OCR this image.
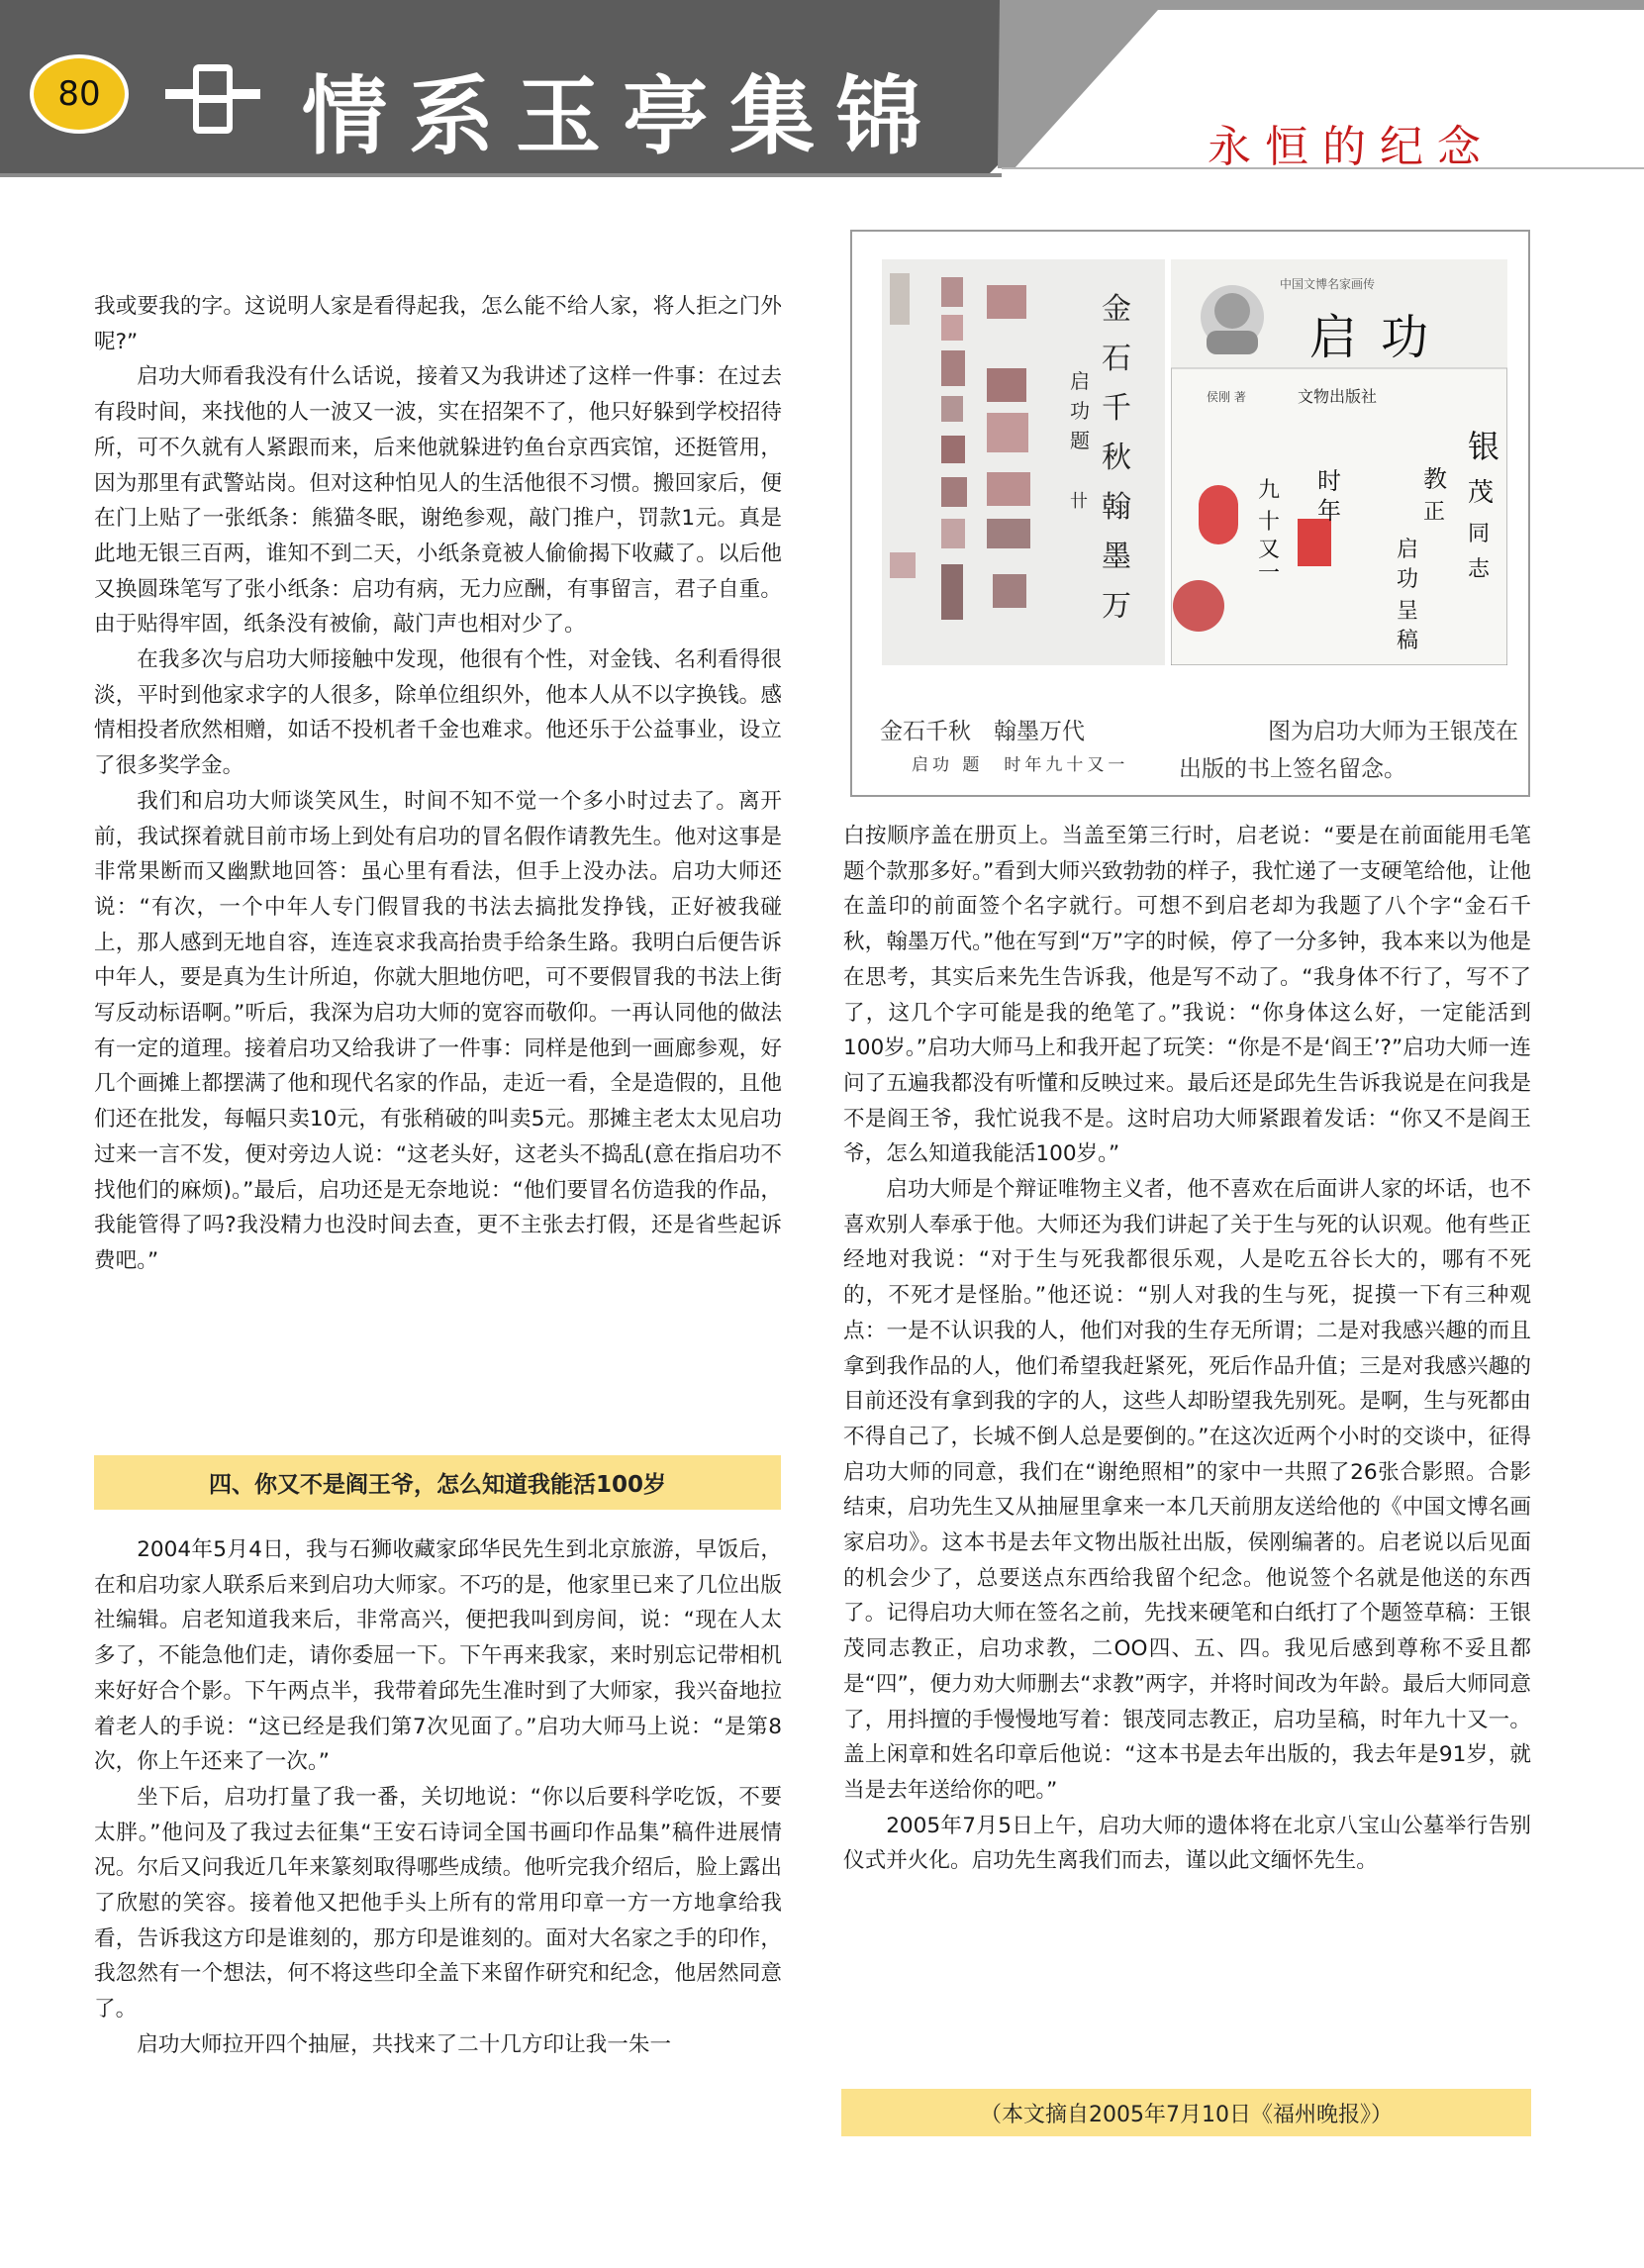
80 情系玉亭集锦	永恒的纪念
金
石
千
秋
翰
墨
万
启
功
题
卄
中国文博名家画传
启功
侯刚 著	文物出版社
银
茂
同
志
教
正
启
功
呈
稿
时
年
九
十
又
一
金石千秋　翰墨万代
启功 题　时年九十又一
图为启功大师为王银茂在
出版的书上签名留念。

我或要我的字。这说明人家是看得起我，怎么能不给人家，将人拒之门外呢?”

启功大师看我没有什么话说，接着又为我讲述了这样一件事：在过去有段时间，来找他的人一波又一波，实在招架不了，他只好躲到学校招待所，可不久就有人紧跟而来，后来他就躲进钓鱼台京西宾馆，还挺管用，因为那里有武警站岗。但对这种怕见人的生活他很不习惯。搬回家后，便在门上贴了一张纸条：熊猫冬眠，谢绝参观，敲门推户，罚款1元。真是此地无银三百两，谁知不到二天，小纸条竟被人偷偷揭下收藏了。以后他又换圆珠笔写了张小纸条：启功有病，无力应酬，有事留言，君子自重。由于贴得牢固，纸条没有被偷，敲门声也相对少了。

在我多次与启功大师接触中发现，他很有个性，对金钱、名利看得很淡，平时到他家求字的人很多，除单位组织外，他本人从不以字换钱。感情相投者欣然相赠，如话不投机者千金也难求。他还乐于公益事业，设立了很多奖学金。

我们和启功大师谈笑风生，时间不知不觉一个多小时过去了。离开前，我试探着就目前市场上到处有启功的冒名假作请教先生。他对这事是非常果断而又幽默地回答：虽心里有看法，但手上没办法。启功大师还说：“有次，一个中年人专门假冒我的书法去搞批发挣钱，正好被我碰上，那人感到无地自容，连连哀求我高抬贵手给条生路。我明白后便告诉中年人，要是真为生计所迫，你就大胆地仿吧，可不要假冒我的书法上街写反动标语啊。”听后，我深为启功大师的宽容而敬仰。一再认同他的做法有一定的道理。接着启功又给我讲了一件事：同样是他到一画廊参观，好几个画摊上都摆满了他和现代名家的作品，走近一看，全是造假的，且他们还在批发，每幅只卖10元，有张稍破的叫卖5元。那摊主老太太见启功过来一言不发，便对旁边人说：“这老头好，这老头不捣乱(意在指启功不找他们的麻烦)。”最后，启功还是无奈地说：“他们要冒名仿造我的作品，我能管得了吗?我没精力也没时间去查，更不主张去打假，还是省些起诉费吧。”

四、你又不是阎王爷，怎么知道我能活100岁

2004年5月4日，我与石狮收藏家邱华民先生到北京旅游，早饭后，在和启功家人联系后来到启功大师家。不巧的是，他家里已来了几位出版社编辑。启老知道我来后，非常高兴，便把我叫到房间，说：“现在人太多了，不能急他们走，请你委屈一下。下午再来我家，来时别忘记带相机来好好合个影。下午两点半，我带着邱先生准时到了大师家，我兴奋地拉着老人的手说：“这已经是我们第7次见面了。”启功大师马上说：“是第8次，你上午还来了一次。”

坐下后，启功打量了我一番，关切地说：“你以后要科学吃饭，不要太胖。”他问及了我过去征集“王安石诗词全国书画印作品集”稿件进展情况。尔后又问我近几年来篆刻取得哪些成绩。他听完我介绍后，脸上露出了欣慰的笑容。接着他又把他手头上所有的常用印章一方一方地拿给我看，告诉我这方印是谁刻的，那方印是谁刻的。面对大名家之手的印作，我忽然有一个想法，何不将这些印全盖下来留作研究和纪念，他居然同意了。

启功大师拉开四个抽屉，共找来了二十几方印让我一朱一

白按顺序盖在册页上。当盖至第三行时，启老说：“要是在前面能用毛笔题个款那多好。”看到大师兴致勃勃的样子，我忙递了一支硬笔给他，让他在盖印的前面签个名字就行。可想不到启老却为我题了八个字“金石千秋，翰墨万代。”他在写到“万”字的时候，停了一分多钟，我本来以为他是在思考，其实后来先生告诉我，他是写不动了。“我身体不行了，写不了了，这几个字可能是我的绝笔了。”我说：“你身体这么好，一定能活到100岁。”启功大师马上和我开起了玩笑：“你是不是‘阎王’?”启功大师一连问了五遍我都没有听懂和反映过来。最后还是邱先生告诉我说是在问我是不是阎王爷，我忙说我不是。这时启功大师紧跟着发话：“你又不是阎王爷，怎么知道我能活100岁。”

启功大师是个辩证唯物主义者，他不喜欢在后面讲人家的坏话，也不喜欢别人奉承于他。大师还为我们讲起了关于生与死的认识观。他有些正经地对我说：“对于生与死我都很乐观，人是吃五谷长大的，哪有不死的，不死才是怪胎。”他还说：“别人对我的生与死，捉摸一下有三种观点：一是不认识我的人，他们对我的生存无所谓；二是对我感兴趣的而且拿到我作品的人，他们希望我赶紧死，死后作品升值；三是对我感兴趣的目前还没有拿到我的字的人，这些人却盼望我先别死。是啊，生与死都由不得自己了，长城不倒人总是要倒的。”在这次近两个小时的交谈中，征得启功大师的同意，我们在“谢绝照相”的家中一共照了26张合影照。合影结束，启功先生又从抽屉里拿来一本几天前朋友送给他的《中国文博名画家启功》。这本书是去年文物出版社出版，侯刚编著的。启老说以后见面的机会少了，总要送点东西给我留个纪念。他说签个名就是他送的东西了。记得启功大师在签名之前，先找来硬笔和白纸打了个题签草稿：王银茂同志教正，启功求教，二OO四、五、四。我见后感到尊称不妥且都是“四”，便力劝大师删去“求教”两字，并将时间改为年龄。最后大师同意了，用抖擅的手慢慢地写着：银茂同志教正，启功呈稿，时年九十又一。盖上闲章和姓名印章后他说：“这本书是去年出版的，我去年是91岁，就当是去年送给你的吧。”

2005年7月5日上午，启功大师的遗体将在北京八宝山公墓举行告别仪式并火化。启功先生离我们而去，谨以此文缅怀先生。

（本文摘自2005年7月10日《福州晚报》）
